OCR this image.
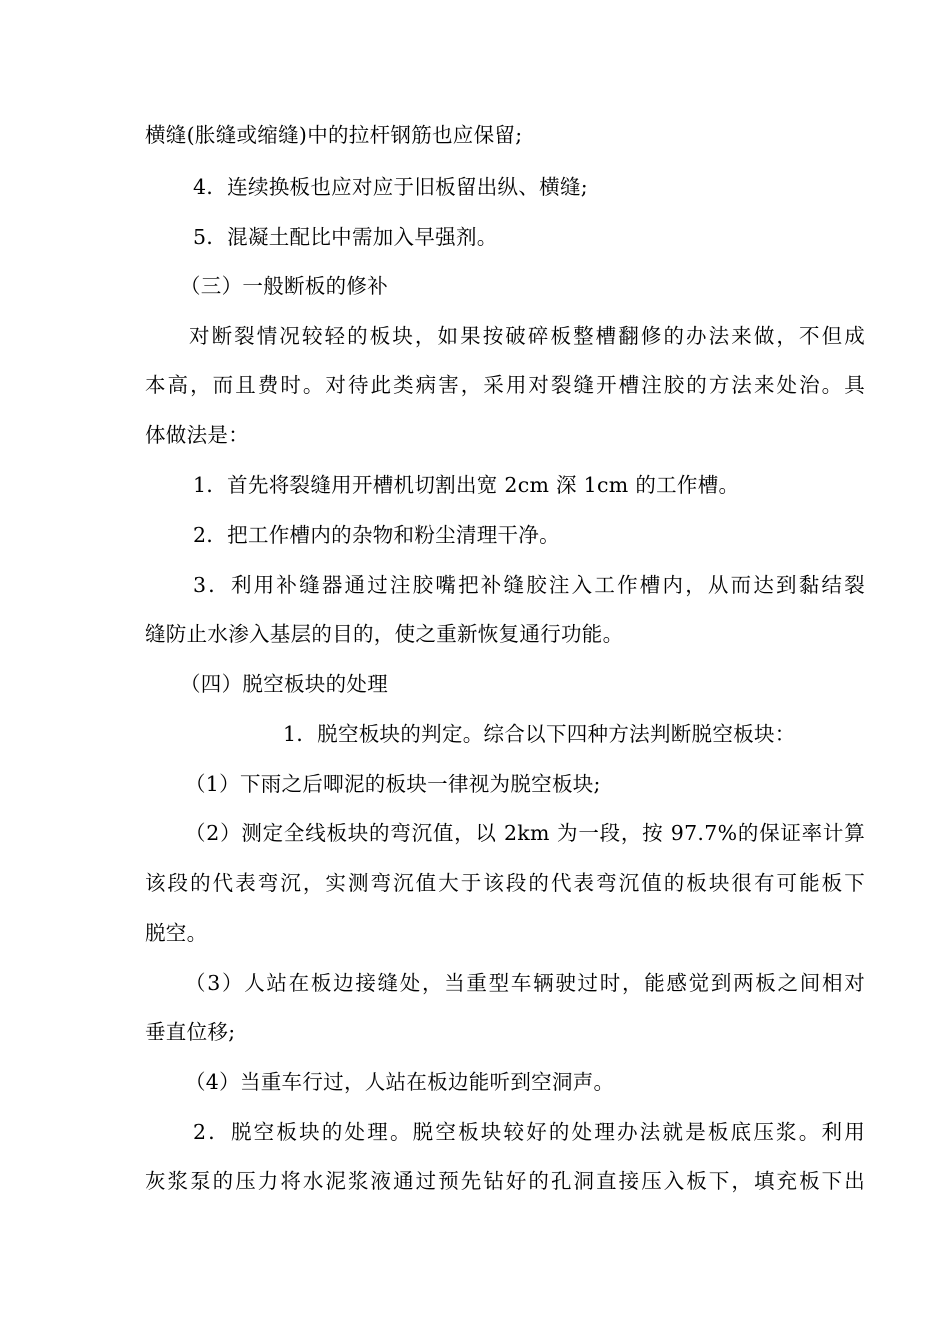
横缝(胀缝或缩缝)中的拉杆钢筋也应保留;
4．连续换板也应对应于旧板留出纵、横缝;
5．混凝土配比中需加入早强剂。
（三）一般断板的修补
对断裂情况较轻的板块，如果按破碎板整槽翻修的办法来做，不但成
本高，而且费时。对待此类病害，采用对裂缝开槽注胶的方法来处治。具
体做法是：
1．首先将裂缝用开槽机切割出宽 2cm 深 1cm 的工作槽。
2．把工作槽内的杂物和粉尘清理干净。
3．利用补缝器通过注胶嘴把补缝胶注入工作槽内，从而达到黏结裂
缝防止水渗入基层的目的，使之重新恢复通行功能。
（四）脱空板块的处理
1．脱空板块的判定。综合以下四种方法判断脱空板块：
（1）下雨之后唧泥的板块一律视为脱空板块;
（2）测定全线板块的弯沉值，以 2km 为一段，按 97.7%的保证率计算
该段的代表弯沉，实测弯沉值大于该段的代表弯沉值的板块很有可能板下
脱空。
（3）人站在板边接缝处，当重型车辆驶过时，能感觉到两板之间相对
垂直位移;
（4）当重车行过，人站在板边能听到空洞声。
2．脱空板块的处理。脱空板块较好的处理办法就是板底压浆。利用
灰浆泵的压力将水泥浆液通过预先钻好的孔洞直接压入板下，填充板下出
